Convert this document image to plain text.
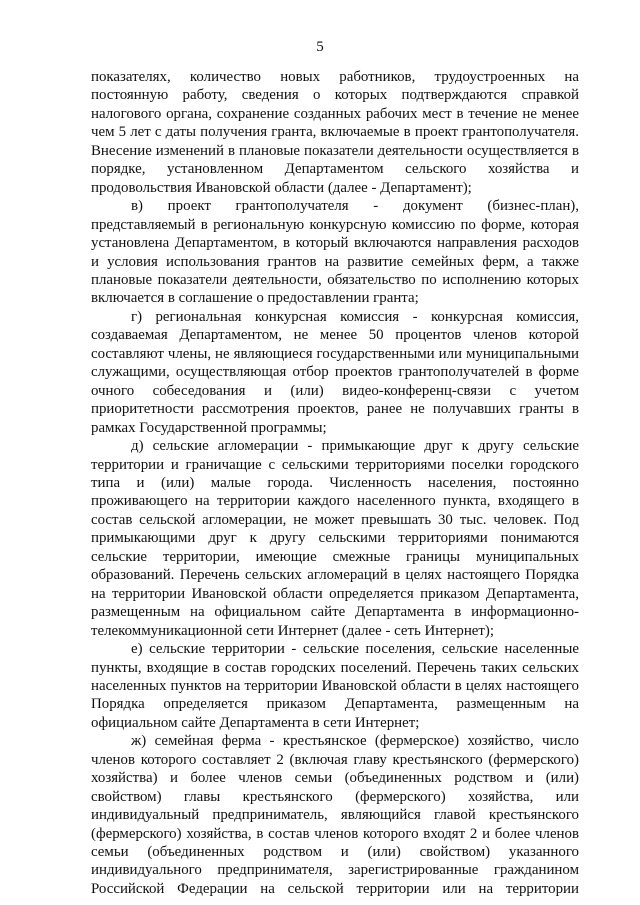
5

показателях, количество новых работников, трудоустроенных на постоянную работу, сведения о которых подтверждаются справкой налогового органа, сохранение созданных рабочих мест в течение не менее чем 5 лет с даты получения гранта, включаемые в проект грантополучателя. Внесение изменений в плановые показатели деятельности осуществляется в порядке, установленном Департаментом сельского хозяйства и продовольствия Ивановской области (далее - Департамент);

в) проект грантополучателя - документ (бизнес-план), представляемый в региональную конкурсную комиссию по форме, которая установлена Департаментом, в который включаются направления расходов и условия использования грантов на развитие семейных ферм, а также плановые показатели деятельности, обязательство по исполнению которых включается в соглашение о предоставлении гранта;

г) региональная конкурсная комиссия - конкурсная комиссия, создаваемая Департаментом, не менее 50 процентов членов которой составляют члены, не являющиеся государственными или муниципальными служащими, осуществляющая отбор проектов грантополучателей в форме очного собеседования и (или) видео-конференц-связи с учетом приоритетности рассмотрения проектов, ранее не получавших гранты в рамках Государственной программы;

д) сельские агломерации - примыкающие друг к другу сельские территории и граничащие с сельскими территориями поселки городского типа и (или) малые города. Численность населения, постоянно проживающего на территории каждого населенного пункта, входящего в состав сельской агломерации, не может превышать 30 тыс. человек. Под примыкающими друг к другу сельскими территориями понимаются сельские территории, имеющие смежные границы муниципальных образований. Перечень сельских агломераций в целях настоящего Порядка на территории Ивановской области определяется приказом Департамента, размещенным на официальном сайте Департамента в информационно-телекоммуникационной сети Интернет (далее - сеть Интернет);

е) сельские территории - сельские поселения, сельские населенные пункты, входящие в состав городских поселений. Перечень таких сельских населенных пунктов на территории Ивановской области в целях настоящего Порядка определяется приказом Департамента, размещенным на официальном сайте Департамента в сети Интернет;

ж) семейная ферма - крестьянское (фермерское) хозяйство, число членов которого составляет 2 (включая главу крестьянского (фермерского) хозяйства) и более членов семьи (объединенных родством и (или) свойством) главы крестьянского (фермерского) хозяйства, или индивидуальный предприниматель, являющийся главой крестьянского (фермерского) хозяйства, в состав членов которого входят 2 и более членов семьи (объединенных родством и (или) свойством) указанного индивидуального предпринимателя, зарегистрированные гражданином Российской Федерации на сельской территории или на территории
